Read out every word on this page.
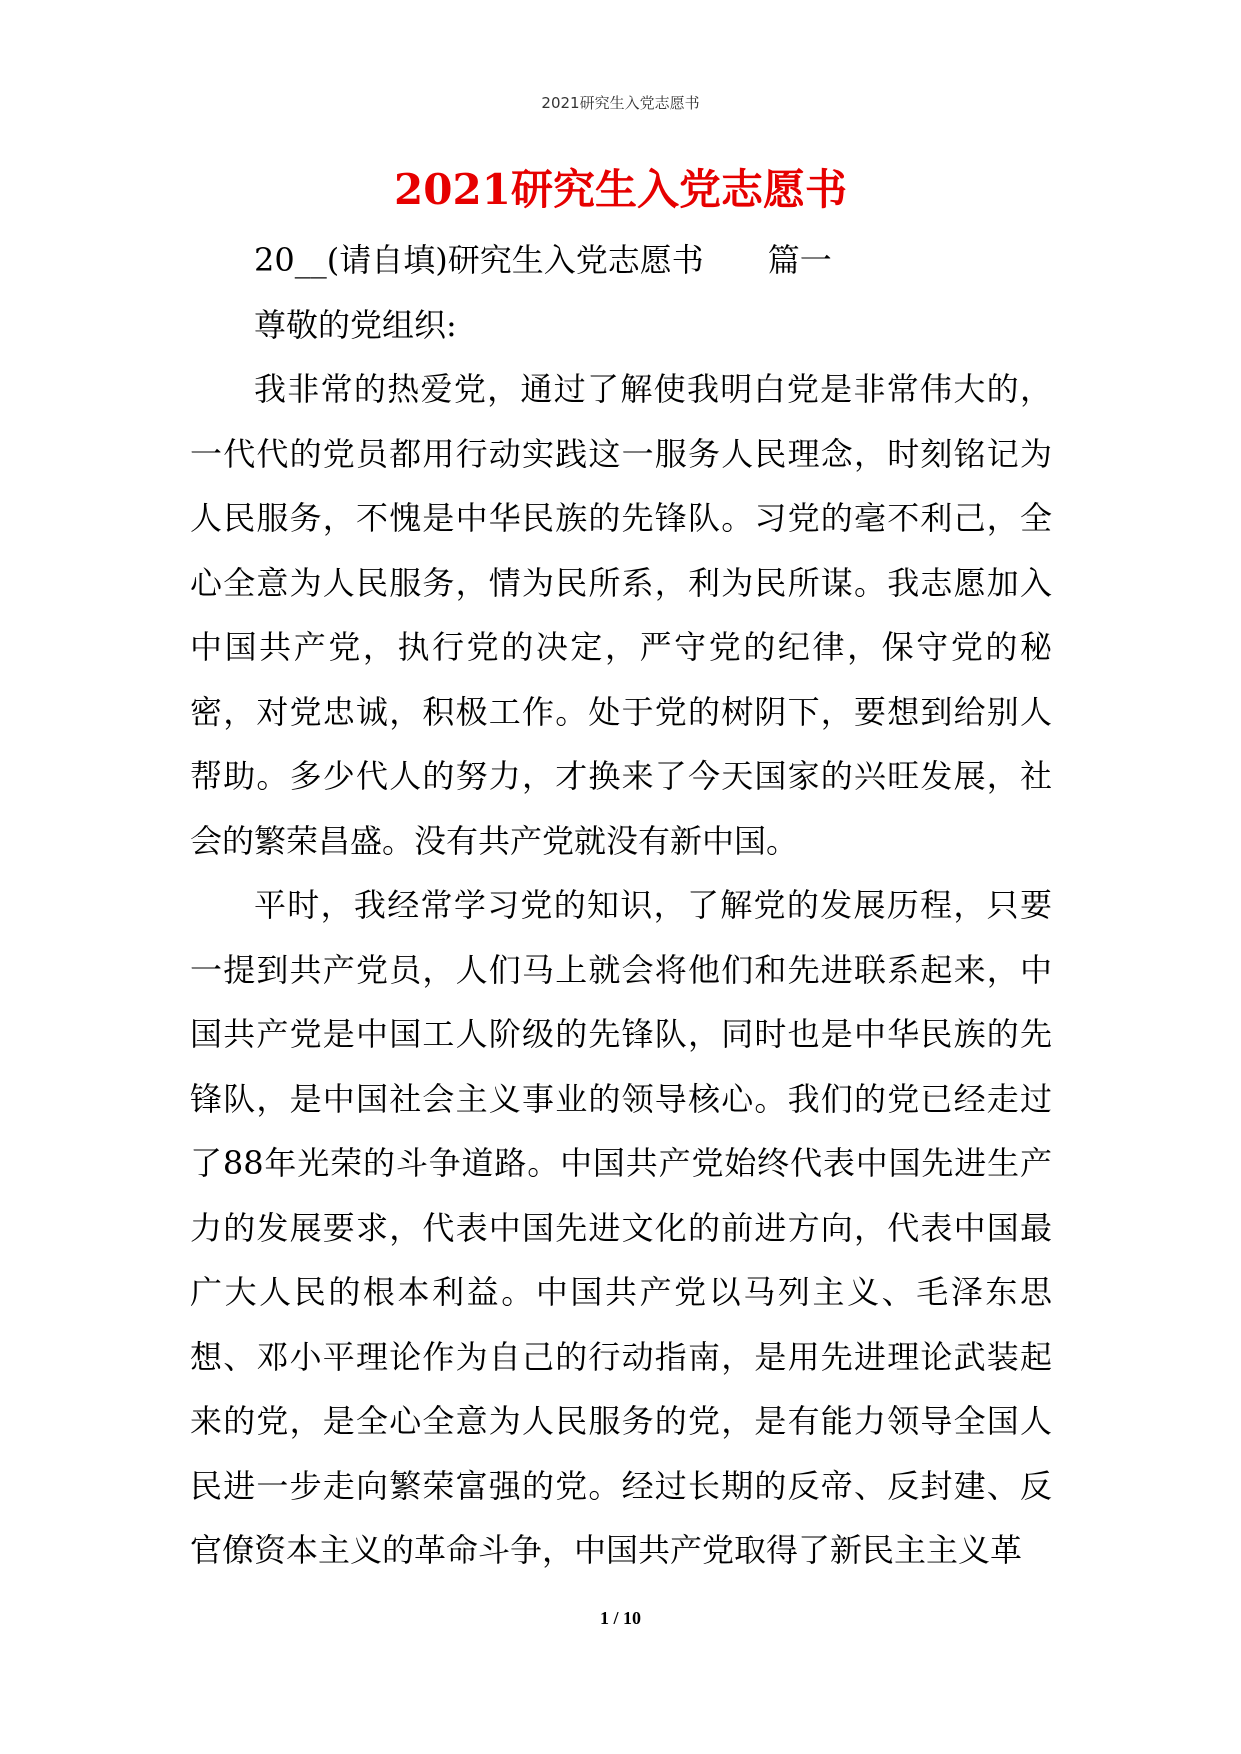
2021研究生入党志愿书
2021研究生入党志愿书

20__(请自填)研究生入党志愿书 篇一

尊敬的党组织:

我非常的热爱党，通过了解使我明白党是非常伟大的，一代代的党员都用行动实践这一服务人民理念，时刻铭记为人民服务，不愧是中华民族的先锋队。习党的毫不利己，全心全意为人民服务，情为民所系，利为民所谋。我志愿加入中国共产党，执行党的决定，严守党的纪律，保守党的秘密，对党忠诚，积极工作。处于党的树阴下，要想到给别人帮助。多少代人的努力，才换来了今天国家的兴旺发展，社会的繁荣昌盛。没有共产党就没有新中国。

平时，我经常学习党的知识，了解党的发展历程，只要一提到共产党员，人们马上就会将他们和先进联系起来，中国共产党是中国工人阶级的先锋队，同时也是中华民族的先锋队，是中国社会主义事业的领导核心。我们的党已经走过了88年光荣的斗争道路。中国共产党始终代表中国先进生产力的发展要求，代表中国先进文化的前进方向，代表中国最广大人民的根本利益。中国共产党以马列主义、毛泽东思想、邓小平理论作为自己的行动指南，是用先进理论武装起来的党，是全心全意为人民服务的党，是有能力领导全国人民进一步走向繁荣富强的党。经过长期的反帝、反封建、反官僚资本主义的革命斗争，中国共产党取得了新民主主义革

1 / 10
